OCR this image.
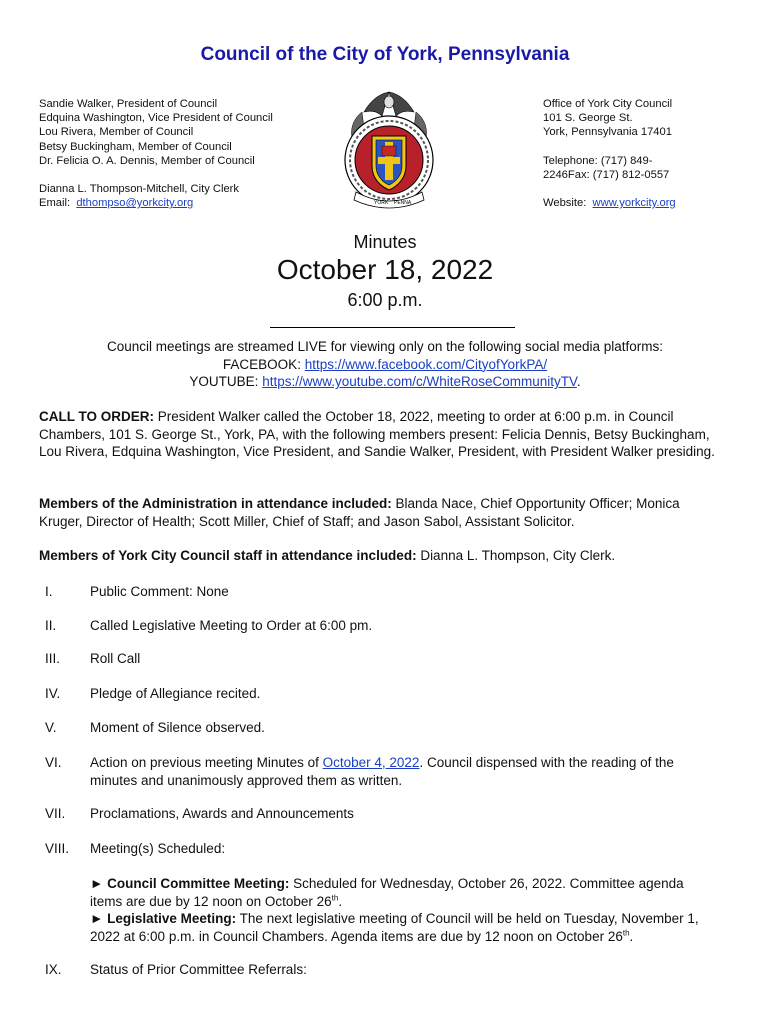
Council of the City of York, Pennsylvania
Sandie Walker, President of Council
Edquina Washington, Vice President of Council
Lou Rivera, Member of Council
Betsy Buckingham, Member of Council
Dr. Felicia O. A. Dennis, Member of Council
Dianna L. Thompson-Mitchell, City Clerk
Email: dthompso@yorkcity.org	YORK PENNA
Office of York City Council
101 S. George St.
York, Pennsylvania 17401
Telephone: (717) 849-
2246Fax: (717) 812-0557
Website: www.yorkcity.org
Minutes
October 18, 2022
6:00 p.m.
Council meetings are streamed LIVE for viewing only on the following social media platforms:
FACEBOOK: https://www.facebook.com/CityofYorkPA/
YOUTUBE: https://www.youtube.com/c/WhiteRoseCommunityTV.

CALL TO ORDER: President Walker called the October 18, 2022, meeting to order at 6:00 p.m. in Council Chambers, 101 S. George St., York, PA, with the following members present: Felicia Dennis, Betsy Buckingham, Lou Rivera, Edquina Washington, Vice President, and Sandie Walker, President, with President Walker presiding.

Members of the Administration in attendance included: Blanda Nace, Chief Opportunity Officer; Monica Kruger, Director of Health; Scott Miller, Chief of Staff; and Jason Sabol, Assistant Solicitor.

Members of York City Council staff in attendance included: Dianna L. Thompson, City Clerk.

I.	Public Comment: None
II. Called Legislative Meeting to Order at 6:00 pm.
III. Roll Call
IV. Pledge of Allegiance recited.
V. Moment of Silence observed.
VI. Action on previous meeting Minutes of October 4, 2022. Council dispensed with the reading of the minutes and unanimously approved them as written.
VII. Proclamations, Awards and Announcements
VIII. Meeting(s) Scheduled:
► Council Committee Meeting: Scheduled for Wednesday, October 26, 2022. Committee agenda items are due by 12 noon on October 26th.
► Legislative Meeting: The next legislative meeting of Council will be held on Tuesday, November 1, 2022 at 6:00 p.m. in Council Chambers. Agenda items are due by 12 noon on October 26th.
IX. Status of Prior Committee Referrals:
